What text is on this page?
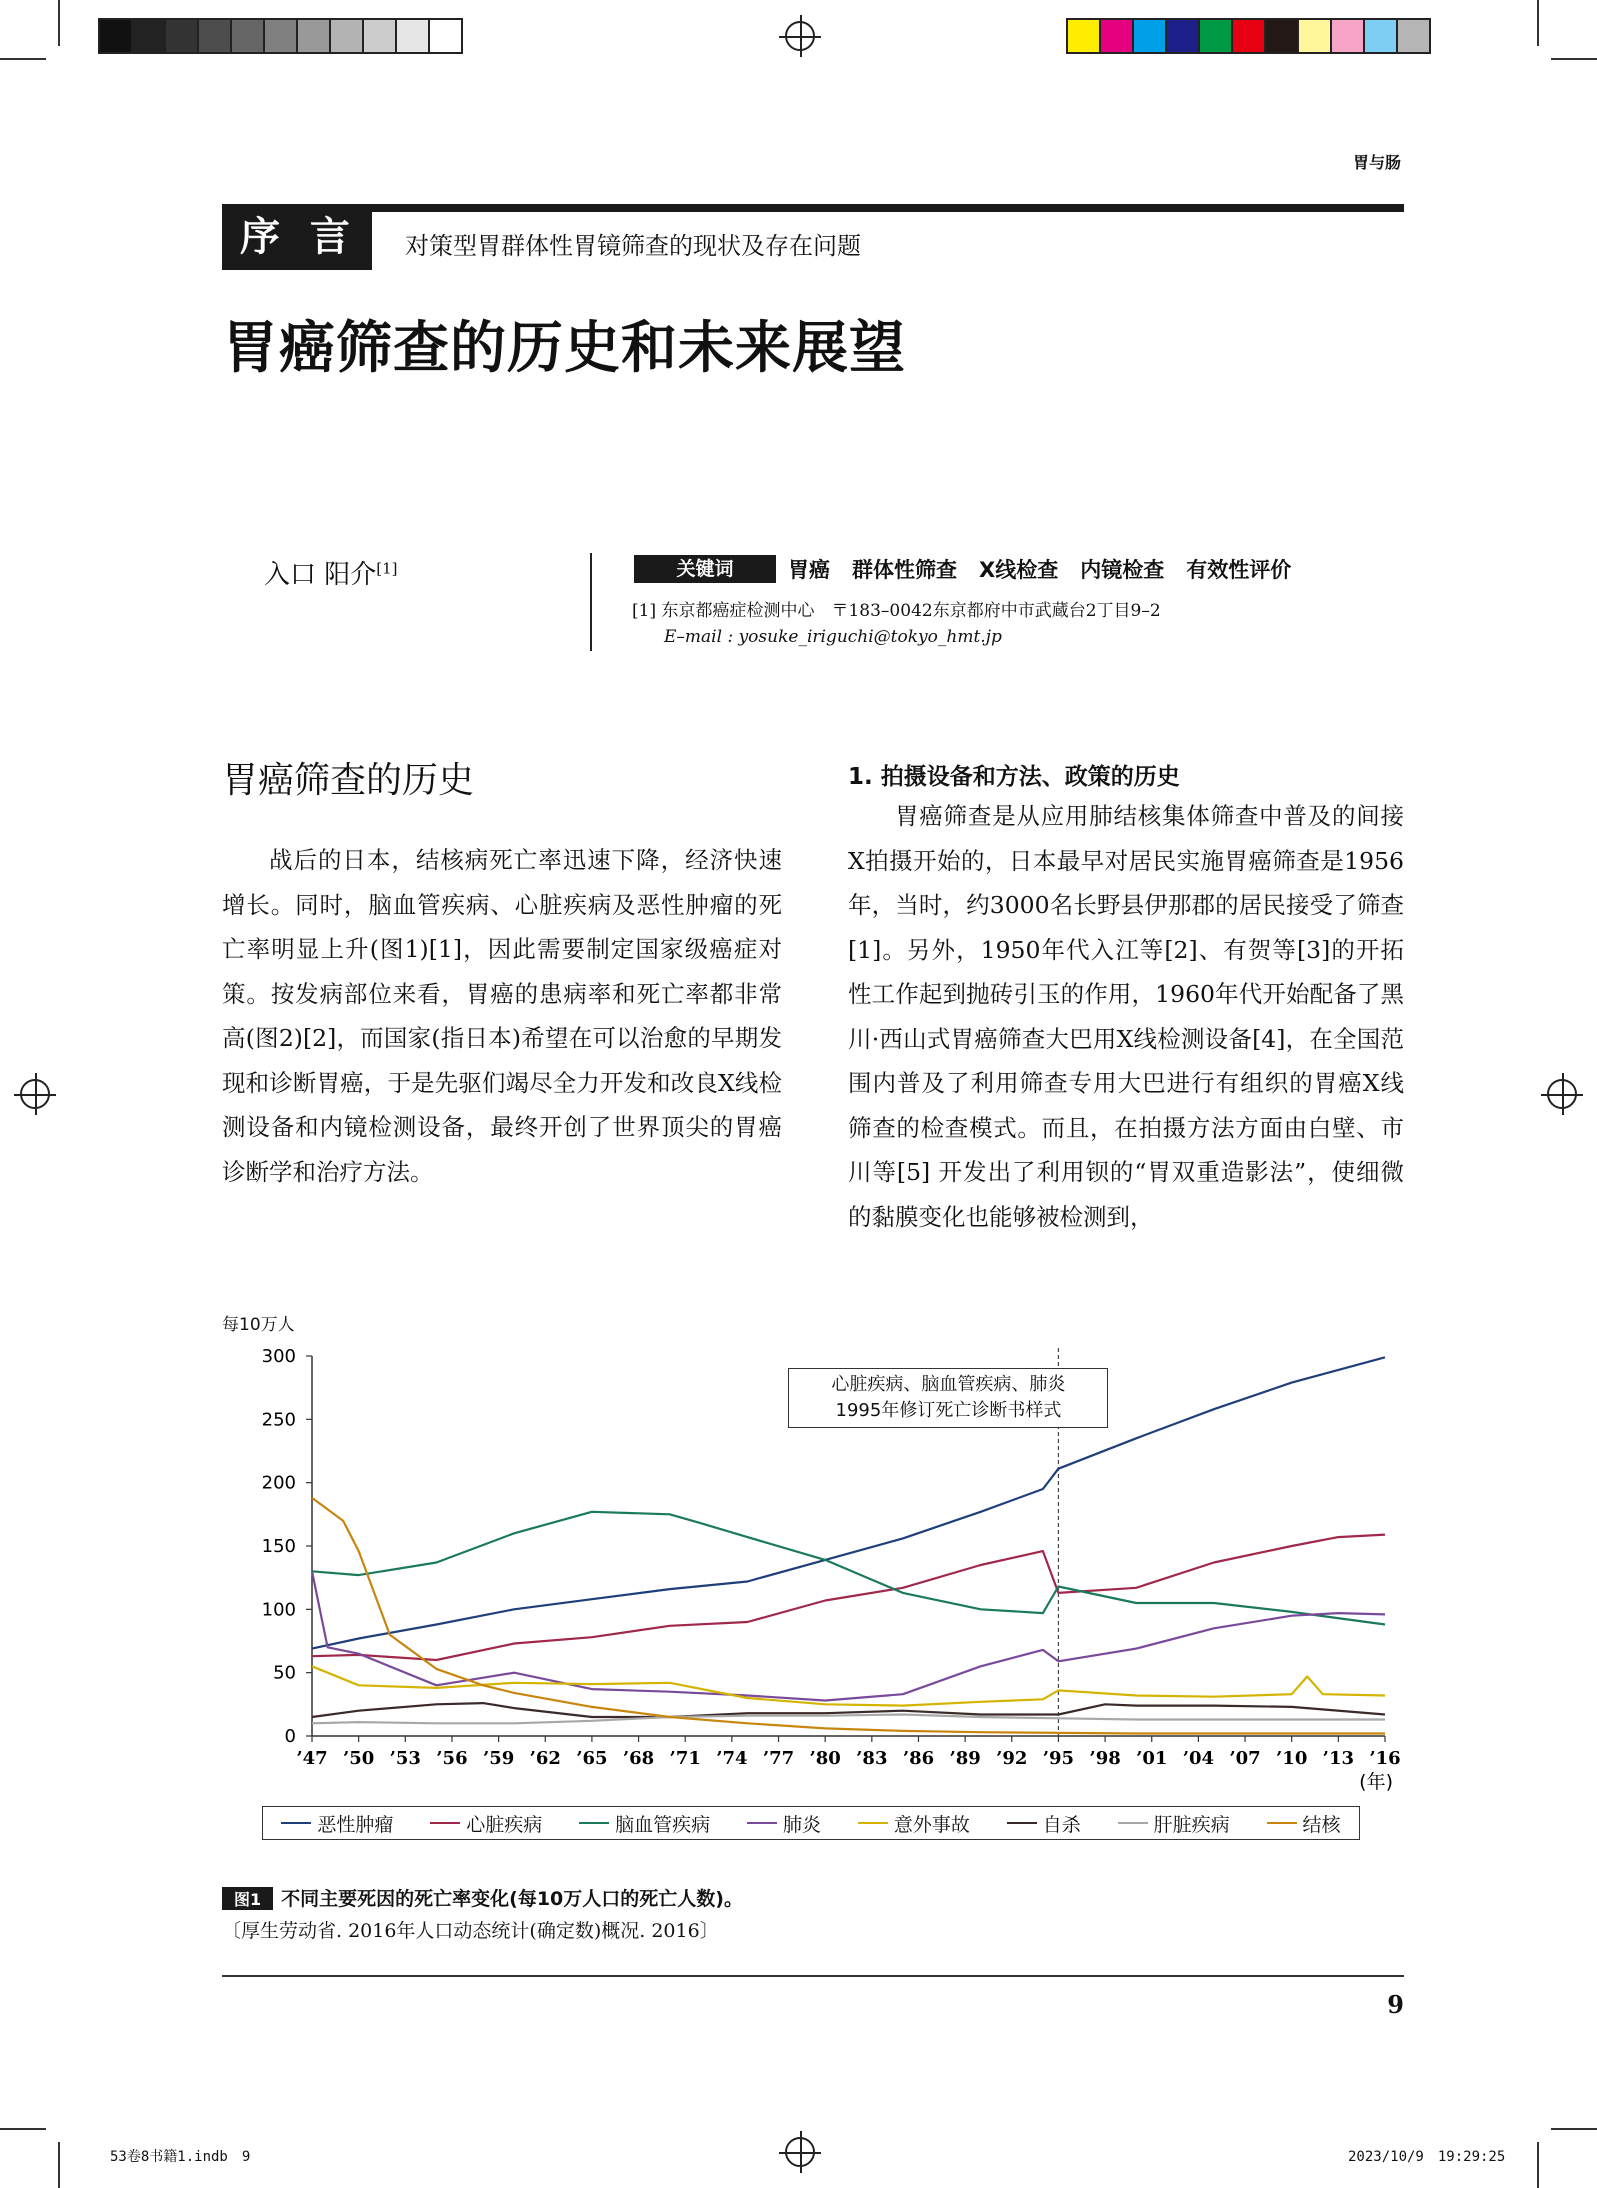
胃与肠
序 言	对策型胃群体性胃镜筛查的现状及存在问题
胃癌筛查的历史和未来展望
入口 阳介[1]	关键词	胃癌 群体性筛查 X线检查 内镜检查 有效性评价
[1] 东京都癌症检测中心　〒183–0042东京都府中市武蔵台2丁目9–2
E–mail : yosuke_iriguchi@tokyo_hmt.jp
胃癌筛查的历史

战后的日本，结核病死亡率迅速下降，经济快速增长。同时，脑血管疾病、心脏疾病及恶性肿瘤的死亡率明显上升(图1)[1]，因此需要制定国家级癌症对策。按发病部位来看，胃癌的患病率和死亡率都非常高(图2)[2]，而国家(指日本)希望在可以治愈的早期发现和诊断胃癌，于是先驱们竭尽全力开发和改良X线检测设备和内镜检测设备，最终开创了世界顶尖的胃癌诊断学和治疗方法。

1. 拍摄设备和方法、政策的历史

胃癌筛查是从应用肺结核集体筛查中普及的间接X拍摄开始的，日本最早对居民实施胃癌筛查是1956年，当时，约3000名长野县伊那郡的居民接受了筛查[1]。另外，1950年代入江等[2]、有贺等[3]的开拓性工作起到抛砖引玉的作用，1960年代开始配备了黑川·西山式胃癌筛查大巴用X线检测设备[4]，在全国范围内普及了利用筛查专用大巴进行有组织的胃癌X线筛查的检查模式。而且，在拍摄方法方面由白壁、市川等[5] 开发出了利用钡的“胃双重造影法”，使细微的黏膜变化也能够被检测到，

每10万人
0
50
100
150
200
250
300
’47 ’50 ’53 ’56 ’59 ’62 ’65 ’68 ’71 ’74 ’77 ’80 ’83 ’86 ’89 ’92 ’95 ’98 ’01 ’04 ’07 ’10 ’13 ’16
(年)
心脏疾病、脑血管疾病、肺炎
1995年修订死亡诊断书样式
恶性肿瘤	心脏疾病	脑血管疾病	肺炎	意外事故	自杀	肝脏疾病	结核
图1 不同主要死因的死亡率变化(每10万人口的死亡人数)。
〔厚生劳动省. 2016年人口动态统计(确定数)概况. 2016〕
9
53卷8书籍1.indb　9	2023/10/9　19:29:25
